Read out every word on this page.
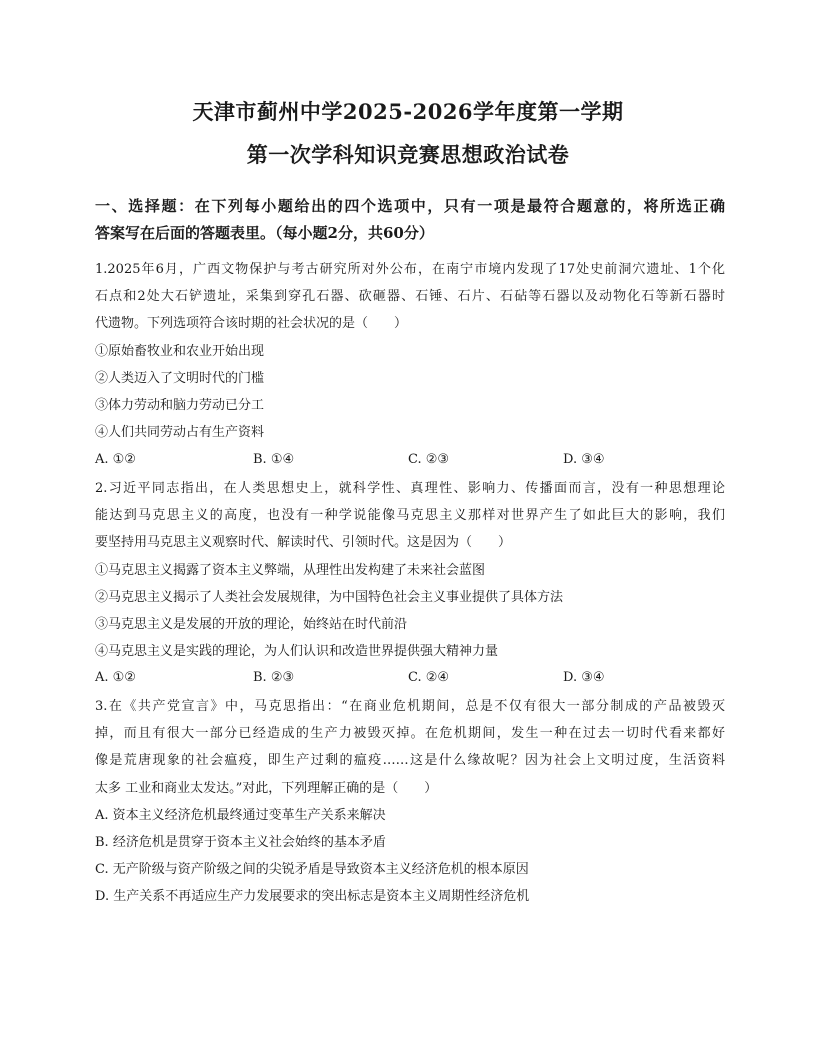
天津市蓟州中学2025-2026学年度第一学期
第一次学科知识竞赛思想政治试卷
一、选择题：在下列每小题给出的四个选项中，只有一项是最符合题意的，将所选正确
答案写在后面的答题表里。（每小题2分，共60分）
1.2025年6月，广西文物保护与考古研究所对外公布，在南宁市境内发现了17处史前洞穴遗址、1个化
石点和2处大石铲遗址，采集到穿孔石器、砍砸器、石锤、石片、石砧等石器以及动物化石等新石器时
代遗物。下列选项符合该时期的社会状况的是（　　）
①原始畜牧业和农业开始出现
②人类迈入了文明时代的门槛
③体力劳动和脑力劳动已分工
④人们共同劳动占有生产资料
A. ①②	B. ①④	C. ②③	D. ③④
2.习近平同志指出，在人类思想史上，就科学性、真理性、影响力、传播面而言，没有一种思想理论
能达到马克思主义的高度，也没有一种学说能像马克思主义那样对世界产生了如此巨大的影响，我们
要坚持用马克思主义观察时代、解读时代、引领时代。这是因为（　　）
①马克思主义揭露了资本主义弊端，从理性出发构建了未来社会蓝图
②马克思主义揭示了人类社会发展规律，为中国特色社会主义事业提供了具体方法
③马克思主义是发展的开放的理论，始终站在时代前沿
④马克思主义是实践的理论，为人们认识和改造世界提供强大精神力量
A. ①②	B. ②③	C. ②④	D. ③④
3.在《共产党宣言》中，马克思指出：“在商业危机期间，总是不仅有很大一部分制成的产品被毁灭
掉，而且有很大一部分已经造成的生产力被毁灭掉。在危机期间，发生一种在过去一切时代看来都好
像是荒唐现象的社会瘟疫，即生产过剩的瘟疫……这是什么缘故呢？因为社会上文明过度，生活资料
太多 工业和商业太发达。”对此，下列理解正确的是（　　）
A. 资本主义经济危机最终通过变革生产关系来解决
B. 经济危机是贯穿于资本主义社会始终的基本矛盾
C. 无产阶级与资产阶级之间的尖锐矛盾是导致资本主义经济危机的根本原因
D. 生产关系不再适应生产力发展要求的突出标志是资本主义周期性经济危机
